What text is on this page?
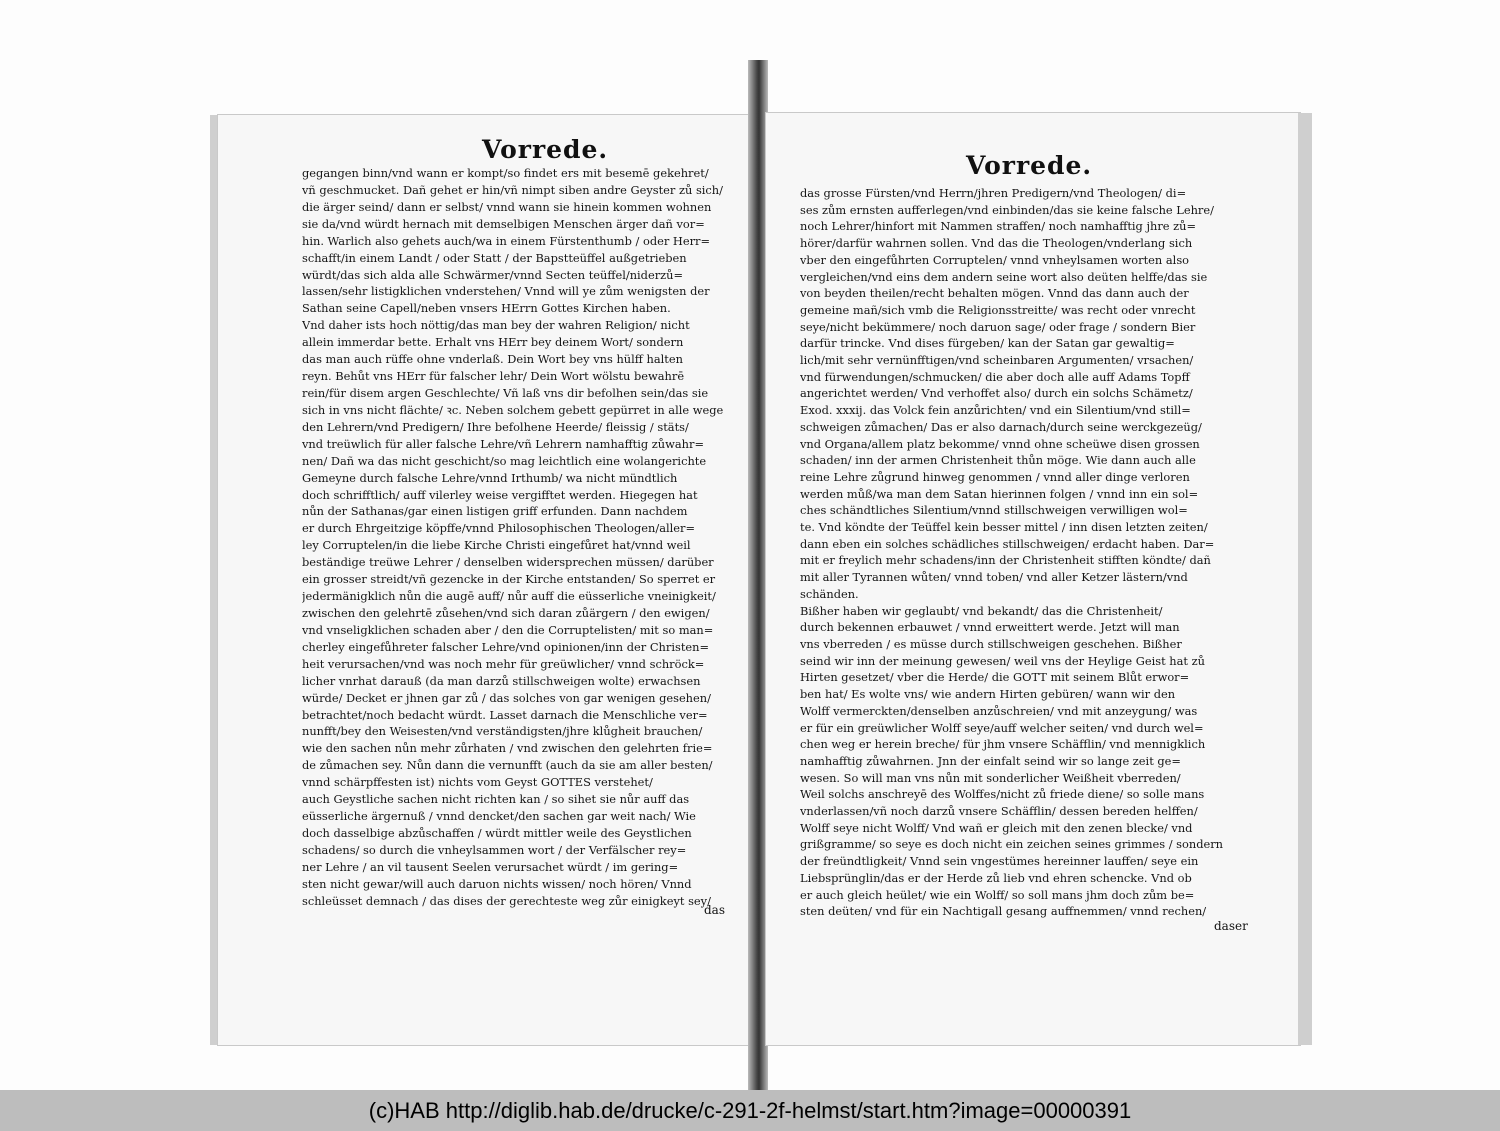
Vorrede.
gegangen binn/vnd wann er kompt/so findet ers mit besemē gekehret/
vñ geschmucket. Dañ gehet er hin/vñ nimpt siben andre Geyster zů sich/
die ärger seind/ dann er selbst/ vnnd wann sie hinein kommen wohnen
sie da/vnd würdt hernach mit demselbigen Menschen ärger dañ vor=
hin. Warlich also gehets auch/wa in einem Fürstenthumb / oder Herr=
schafft/in einem Landt / oder Statt / der Bapstteüffel außgetrieben
würdt/das sich alda alle Schwärmer/vnnd Secten teüffel/niderzů=
lassen/sehr listigklichen vnderstehen/ Vnnd will ye zům wenigsten der
Sathan seine Capell/neben vnsers HErrn Gottes Kirchen haben.
Vnd daher ists hoch nöttig/das man bey der wahren Religion/ nicht
allein immerdar bette. Erhalt vns HErr bey deinem Wort/ sondern
das man auch rüffe ohne vnderlaß. Dein Wort bey vns hülff halten
reyn. Behůt vns HErr für falscher lehr/ Dein Wort wölstu bewahrē
rein/für disem argen Geschlechte/ Vñ laß vns dir befolhen sein/das sie
sich in vns nicht flächte/ ꝛc. Neben solchem gebett gepürret in alle wege
den Lehrern/vnd Predigern/ Ihre befolhene Heerde/ fleissig / stäts/
vnd treüwlich für aller falsche Lehre/vñ Lehrern namhafftig zůwahr=
nen/ Dañ wa das nicht geschicht/so mag leichtlich eine wolangerichte
Gemeyne durch falsche Lehre/vnnd Irthumb/ wa nicht mündtlich
doch schrifftlich/ auff vilerley weise vergifftet werden. Hiegegen hat
nůn der Sathanas/gar einen listigen griff erfunden. Dann nachdem
er durch Ehrgeitzige köpffe/vnnd Philosophischen Theologen/aller=
ley Corruptelen/in die liebe Kirche Christi eingefůret hat/vnnd weil
beständige treüwe Lehrer / denselben widersprechen müssen/ darüber
ein grosser streidt/vñ gezencke in der Kirche entstanden/ So sperret er
jedermänigklich nůn die augē auff/ nůr auff die eüsserliche vneinigkeit/
zwischen den gelehrtē zůsehen/vnd sich daran zůärgern / den ewigen/
vnd vnseligklichen schaden aber / den die Corruptelisten/ mit so man=
cherley eingefůhreter falscher Lehre/vnd opinionen/inn der Christen=
heit verursachen/vnd was noch mehr für greüwlicher/ vnnd schröck=
licher vnrhat darauß (da man darzů stillschweigen wolte) erwachsen
würde/ Decket er jhnen gar zů / das solches von gar wenigen gesehen/
betrachtet/noch bedacht würdt. Lasset darnach die Menschliche ver=
nunfft/bey den Weisesten/vnd verständigsten/jhre klůgheit brauchen/
wie den sachen nůn mehr zůrhaten / vnd zwischen den gelehrten frie=
de zůmachen sey. Nůn dann die vernunfft (auch da sie am aller besten/
vnnd schärpffesten ist) nichts vom Geyst GOTTES verstehet/
auch Geystliche sachen nicht richten kan / so sihet sie nůr auff das
eüsserliche ärgernuß / vnnd dencket/den sachen gar weit nach/ Wie
doch dasselbige abzůschaffen / würdt mittler weile des Geystlichen
schadens/ so durch die vnheylsammen wort / der Verfälscher rey=
ner Lehre / an vil tausent Seelen verursachet würdt / im gering=
sten nicht gewar/will auch daruon nichts wissen/ noch hören/ Vnnd
schleüsset demnach / das dises der gerechteste weg zůr einigkeyt sey/
das
Vorrede.
das grosse Fürsten/vnd Herrn/jhren Predigern/vnd Theologen/ di=
ses zům ernsten aufferlegen/vnd einbinden/das sie keine falsche Lehre/
noch Lehrer/hinfort mit Nammen straffen/ noch namhafftig jhre zů=
hörer/darfür wahrnen sollen. Vnd das die Theologen/vnderlang sich
vber den eingefůhrten Corruptelen/ vnnd vnheylsamen worten also
vergleichen/vnd eins dem andern seine wort also deüten helffe/das sie
von beyden theilen/recht behalten mögen. Vnnd das dann auch der
gemeine mañ/sich vmb die Religionsstreitte/ was recht oder vnrecht
seye/nicht bekümmere/ noch daruon sage/ oder frage / sondern Bier
darfür trincke. Vnd dises fürgeben/ kan der Satan gar gewaltig=
lich/mit sehr vernünfftigen/vnd scheinbaren Argumenten/ vrsachen/
vnd fürwendungen/schmucken/ die aber doch alle auff Adams Topff
angerichtet werden/ Vnd verhoffet also/ durch ein solchs Schämetz/
Exod. xxxij. das Volck fein anzůrichten/ vnd ein Silentium/vnd still=
schweigen zůmachen/ Das er also darnach/durch seine werckgezeüg/
vnd Organa/allem platz bekomme/ vnnd ohne scheüwe disen grossen
schaden/ inn der armen Christenheit thůn möge. Wie dann auch alle
reine Lehre zůgrund hinweg genommen / vnnd aller dinge verloren
werden můß/wa man dem Satan hierinnen folgen / vnnd inn ein sol=
ches schändtliches Silentium/vnnd stillschweigen verwilligen wol=
te. Vnd köndte der Teüffel kein besser mittel / inn disen letzten zeiten/
dann eben ein solches schädliches stillschweigen/ erdacht haben. Dar=
mit er freylich mehr schadens/inn der Christenheit stifften köndte/ dañ
mit aller Tyrannen wůten/ vnnd toben/ vnd aller Ketzer lästern/vnd
schänden.
Bißher haben wir geglaubt/ vnd bekandt/ das die Christenheit/
durch bekennen erbauwet / vnnd erweittert werde. Jetzt will man
vns vberreden / es müsse durch stillschweigen geschehen. Bißher
seind wir inn der meinung gewesen/ weil vns der Heylige Geist hat zů
Hirten gesetzet/ vber die Herde/ die GOTT mit seinem Blůt erwor=
ben hat/ Es wolte vns/ wie andern Hirten gebüren/ wann wir den
Wolff vermerckten/denselben anzůschreien/ vnd mit anzeygung/ was
er für ein greüwlicher Wolff seye/auff welcher seiten/ vnd durch wel=
chen weg er herein breche/ für jhm vnsere Schäfflin/ vnd mennigklich
namhafftig zůwahrnen. Jnn der einfalt seind wir so lange zeit ge=
wesen. So will man vns nůn mit sonderlicher Weißheit vberreden/
Weil solchs anschreyē des Wolffes/nicht zů friede diene/ so solle mans
vnderlassen/vñ noch darzů vnsere Schäfflin/ dessen bereden helffen/
Wolff seye nicht Wolff/ Vnd wañ er gleich mit den zenen blecke/ vnd
grißgramme/ so seye es doch nicht ein zeichen seines grimmes / sondern
der freündtligkeit/ Vnnd sein vngestümes hereinner lauffen/ seye ein
Liebsprünglin/das er der Herde zů lieb vnd ehren schencke. Vnd ob
er auch gleich heület/ wie ein Wolff/ so soll mans jhm doch zům be=
sten deüten/ vnd für ein Nachtigall gesang auffnemmen/ vnnd rechen/
daser
(c)HAB http://diglib.hab.de/drucke/c-291-2f-helmst/start.htm?image=00000391
